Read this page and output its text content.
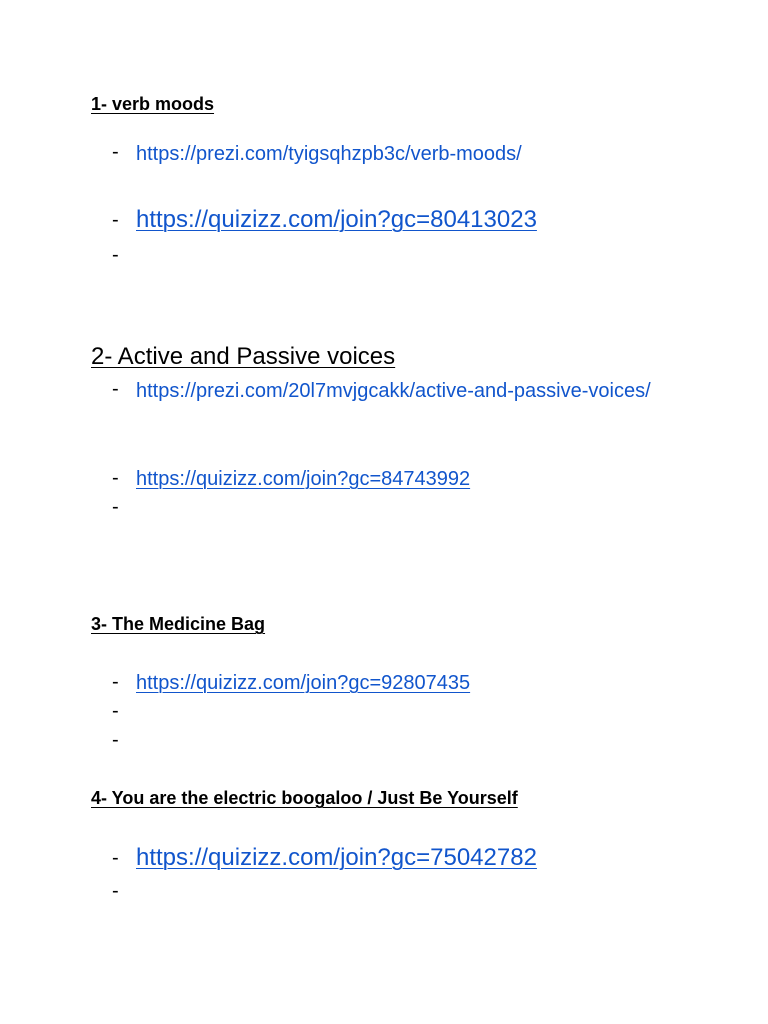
1- verb moods
- https://prezi.com/tyigsqhzpb3c/verb-moods/
- https://quizizz.com/join?gc=80413023
-
2- Active and Passive voices
- https://prezi.com/20l7mvjgcakk/active-and-passive-voices/
- https://quizizz.com/join?gc=84743992
-
3- The Medicine Bag
- https://quizizz.com/join?gc=92807435
-
-
4- You are the electric boogaloo / Just Be Yourself
- https://quizizz.com/join?gc=75042782
-
